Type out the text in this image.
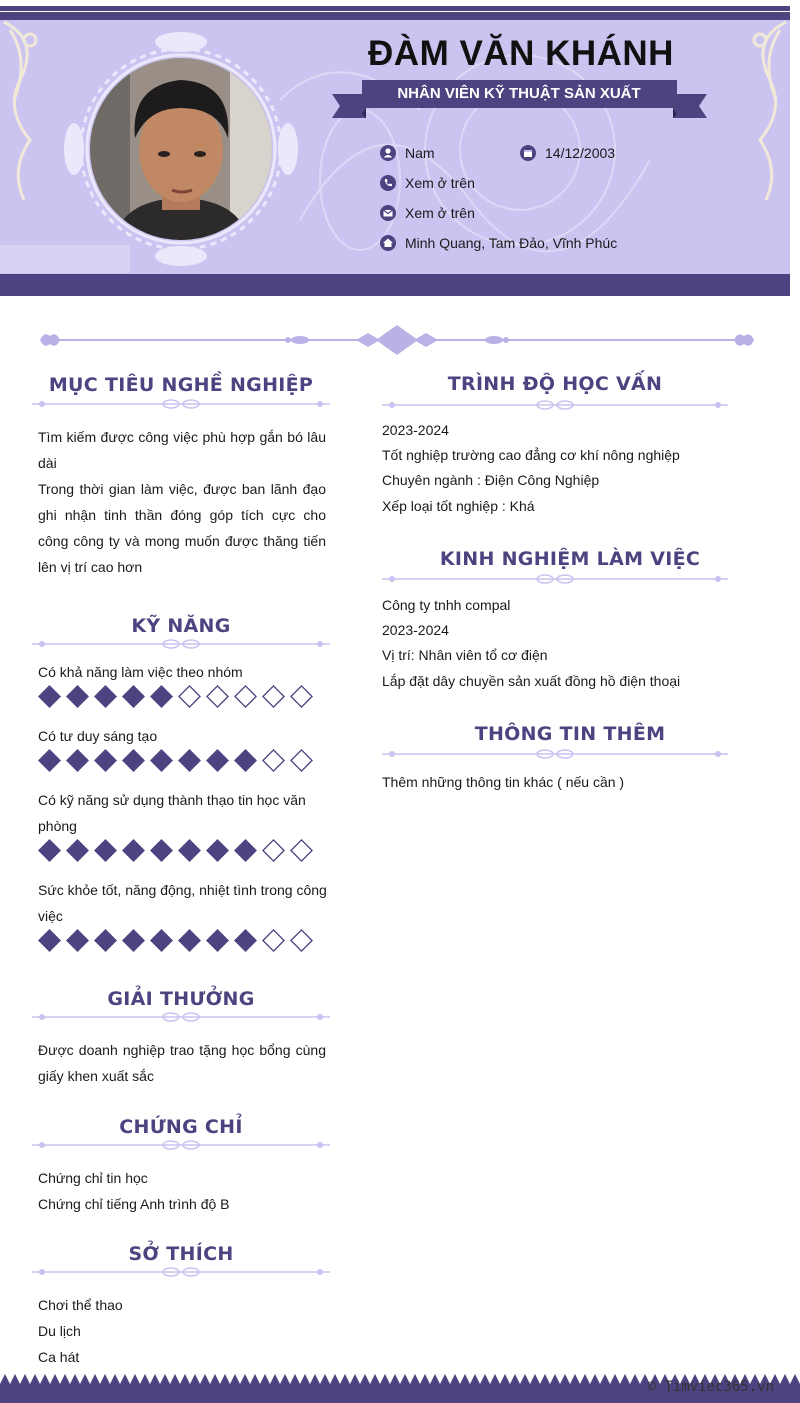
ĐÀM VĂN KHÁNH
NHÂN VIÊN KỸ THUẬT SẢN XUẤT
Nam	14/12/2003
Xem ở trên
Xem ở trên
Minh Quang, Tam Đảo, Vĩnh Phúc
MỤC TIÊU NGHỀ NGHIỆP
Tìm kiếm được công việc phù hợp gắn bó lâu dài
Trong thời gian làm việc, được ban lãnh đạo ghi nhận tinh thần đóng góp tích cực cho công công ty và mong muốn được thăng tiến lên vị trí cao hơn
KỸ NĂNG
Có khả năng làm việc theo nhóm
Có tư duy sáng tạo
Có kỹ năng sử dụng thành thạo tin học văn phòng
Sức khỏe tốt, năng động, nhiệt tình trong công việc
GIẢI THƯỞNG
Được doanh nghiệp trao tặng học bổng cùng giấy khen xuất sắc
CHỨNG CHỈ
Chứng chỉ tin học
Chứng chỉ tiếng Anh trình độ B
SỞ THÍCH
Chơi thể thao
Du lịch
Ca hát
TRÌNH ĐỘ HỌC VẤN
2023-2024
Tốt nghiệp trường cao đẳng cơ khí nông nghiệp
Chuyên ngành : Điện Công Nghiệp
Xếp loại tốt nghiệp : Khá
KINH NGHIỆM LÀM VIỆC
Công ty tnhh compal
2023-2024
Vị trí: Nhân viên tổ cơ điện
Lắp đặt dây chuyền sản xuất đồng hồ điện thoại
THÔNG TIN THÊM
Thêm những thông tin khác ( nếu cần )
© Timviec365.vn
